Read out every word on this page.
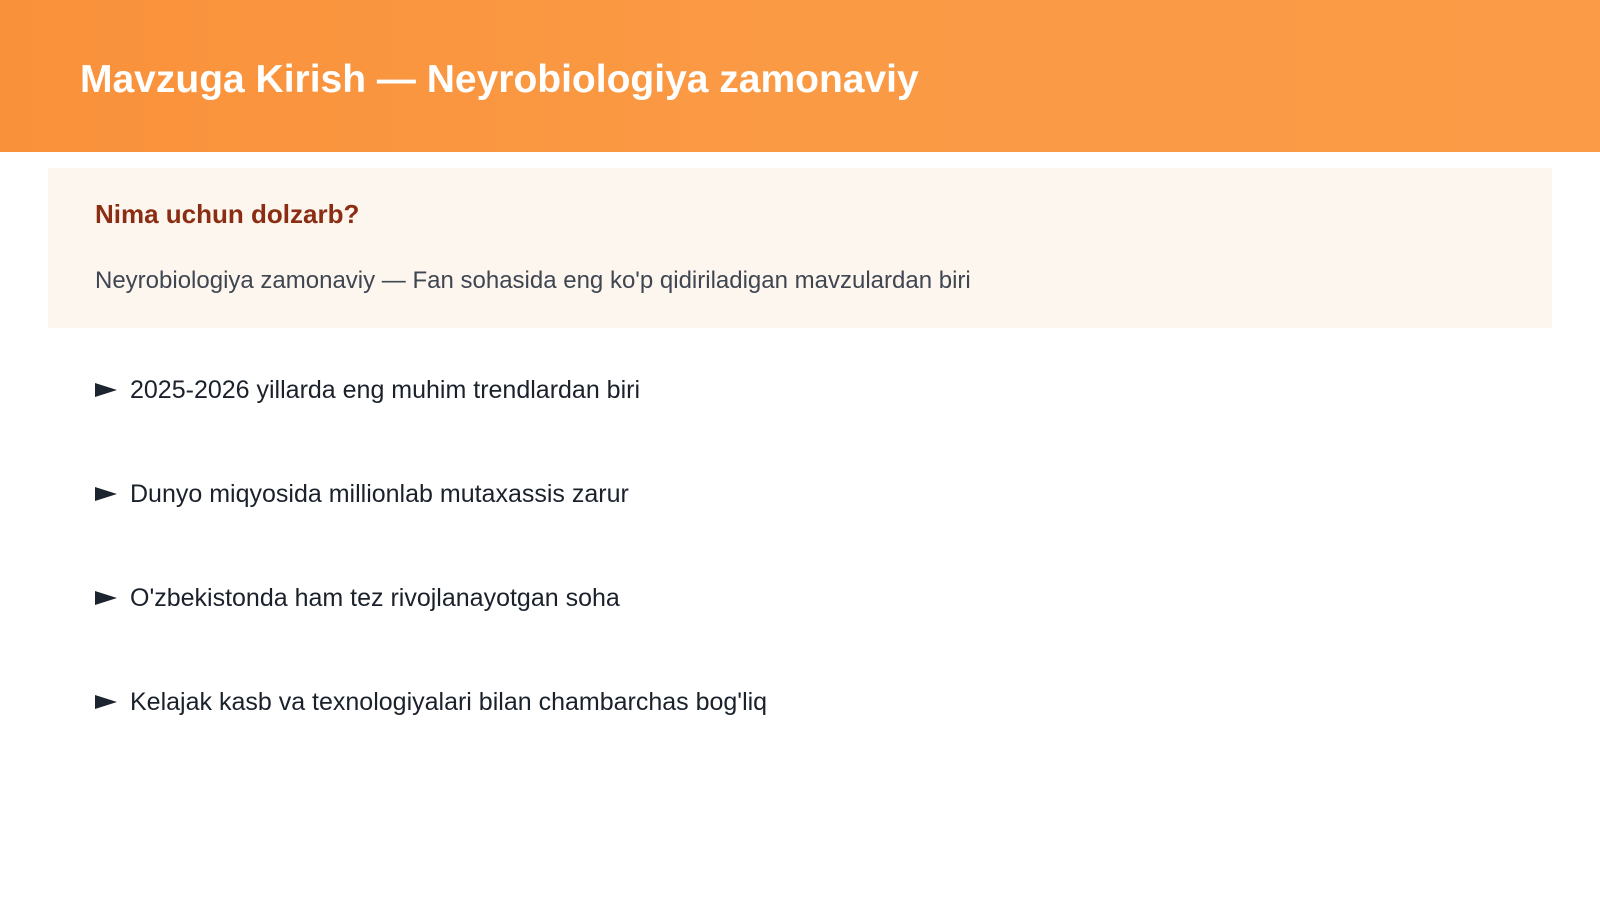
Mavzuga Kirish — Neyrobiologiya zamonaviy
Nima uchun dolzarb?

Neyrobiologiya zamonaviy — Fan sohasida eng ko'p qidiriladigan mavzulardan biri

2025-2026 yillarda eng muhim trendlardan biri
Dunyo miqyosida millionlab mutaxassis zarur
O'zbekistonda ham tez rivojlanayotgan soha
Kelajak kasb va texnologiyalari bilan chambarchas bog'liq
